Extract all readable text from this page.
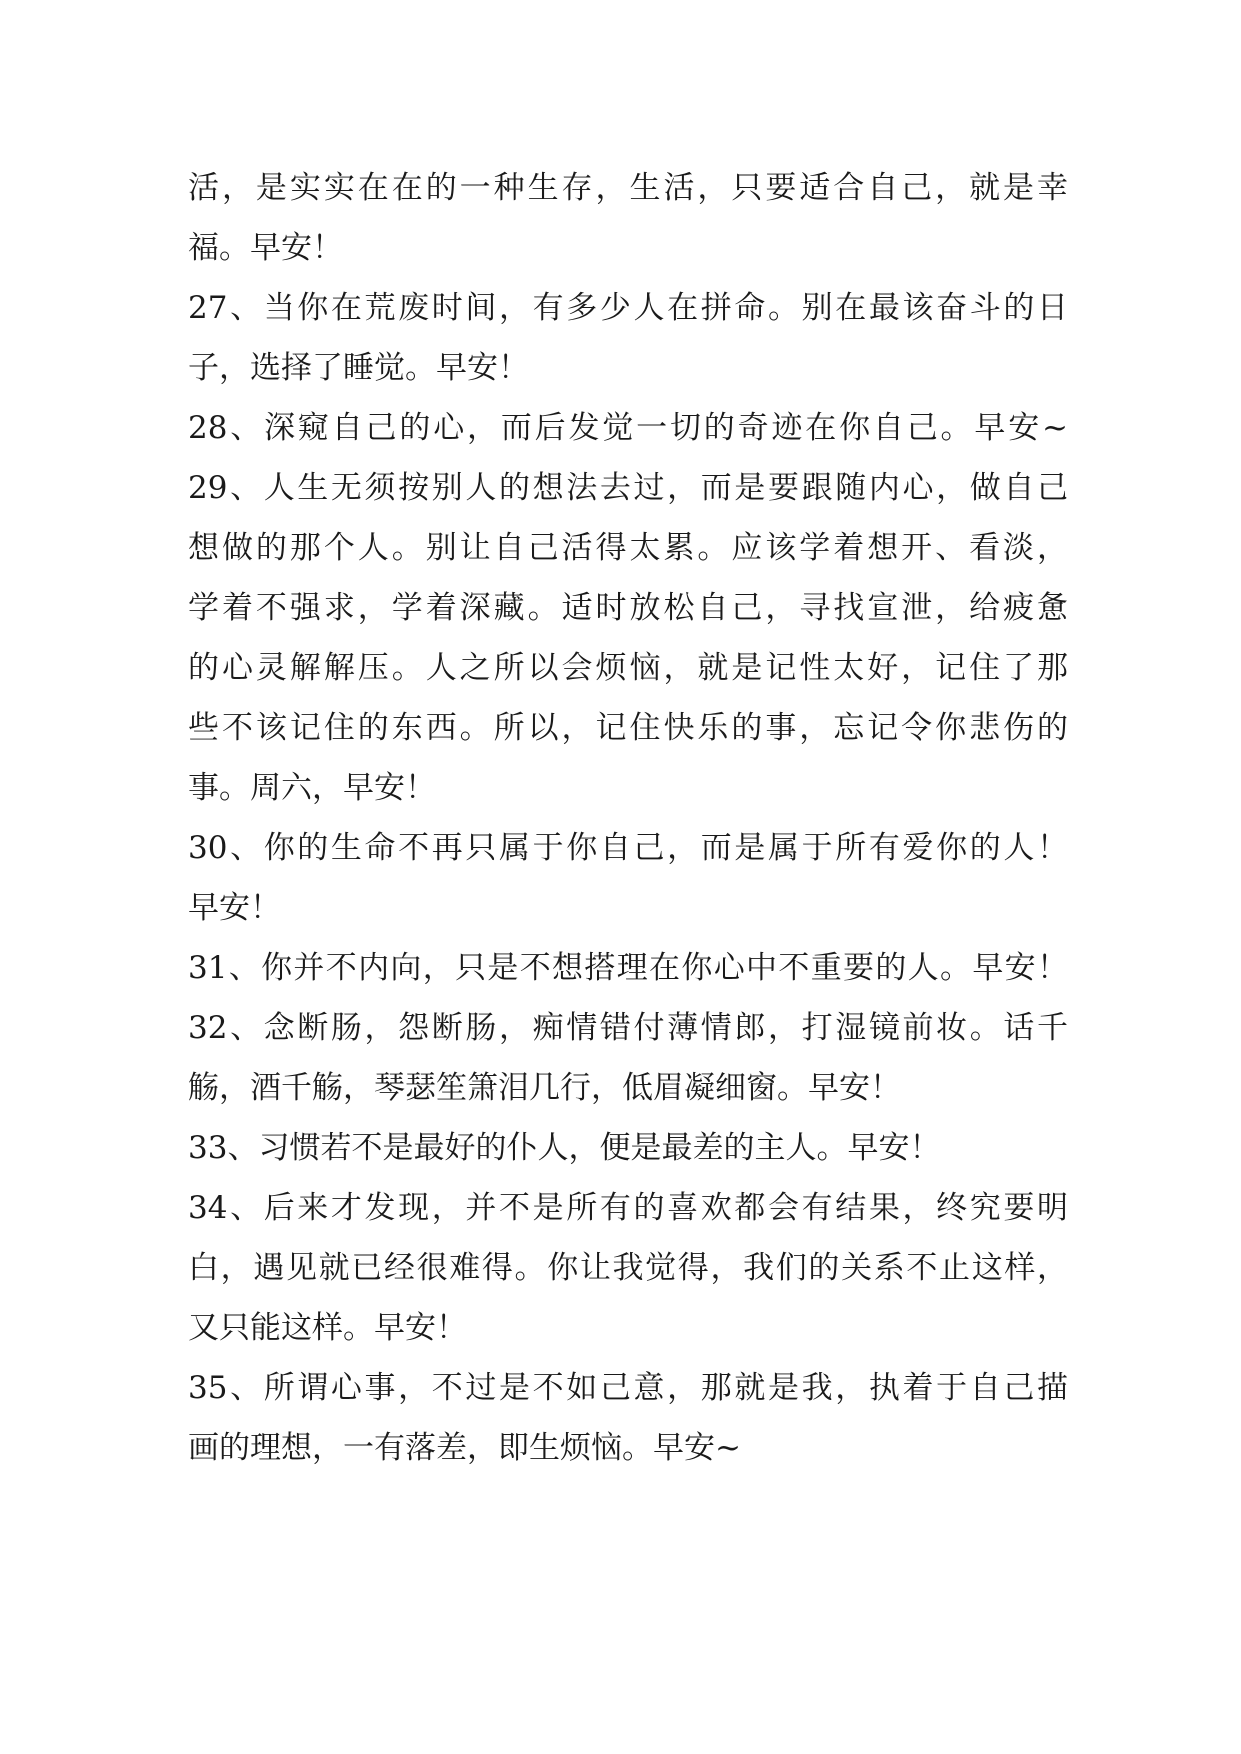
活，是实实在在的一种生存，生活，只要适合自己，就是幸
福。早安！
27、当你在荒废时间，有多少人在拼命。别在最该奋斗的日
子，选择了睡觉。早安！
28、深窥自己的心，而后发觉一切的奇迹在你自己。早安~
29、人生无须按别人的想法去过，而是要跟随内心，做自己
想做的那个人。别让自己活得太累。应该学着想开、看淡，
学着不强求，学着深藏。适时放松自己，寻找宣泄，给疲惫
的心灵解解压。人之所以会烦恼，就是记性太好，记住了那
些不该记住的东西。所以，记住快乐的事，忘记令你悲伤的
事。周六，早安！
30、你的生命不再只属于你自己，而是属于所有爱你的人！
早安！
31、你并不内向，只是不想搭理在你心中不重要的人。早安！
32、念断肠，怨断肠，痴情错付薄情郎，打湿镜前妆。话千
觞，酒千觞，琴瑟笙箫泪几行，低眉凝细窗。早安！
33、习惯若不是最好的仆人，便是最差的主人。早安！
34、后来才发现，并不是所有的喜欢都会有结果，终究要明
白，遇见就已经很难得。你让我觉得，我们的关系不止这样，
又只能这样。早安！
35、所谓心事，不过是不如己意，那就是我，执着于自己描
画的理想，一有落差，即生烦恼。早安~
